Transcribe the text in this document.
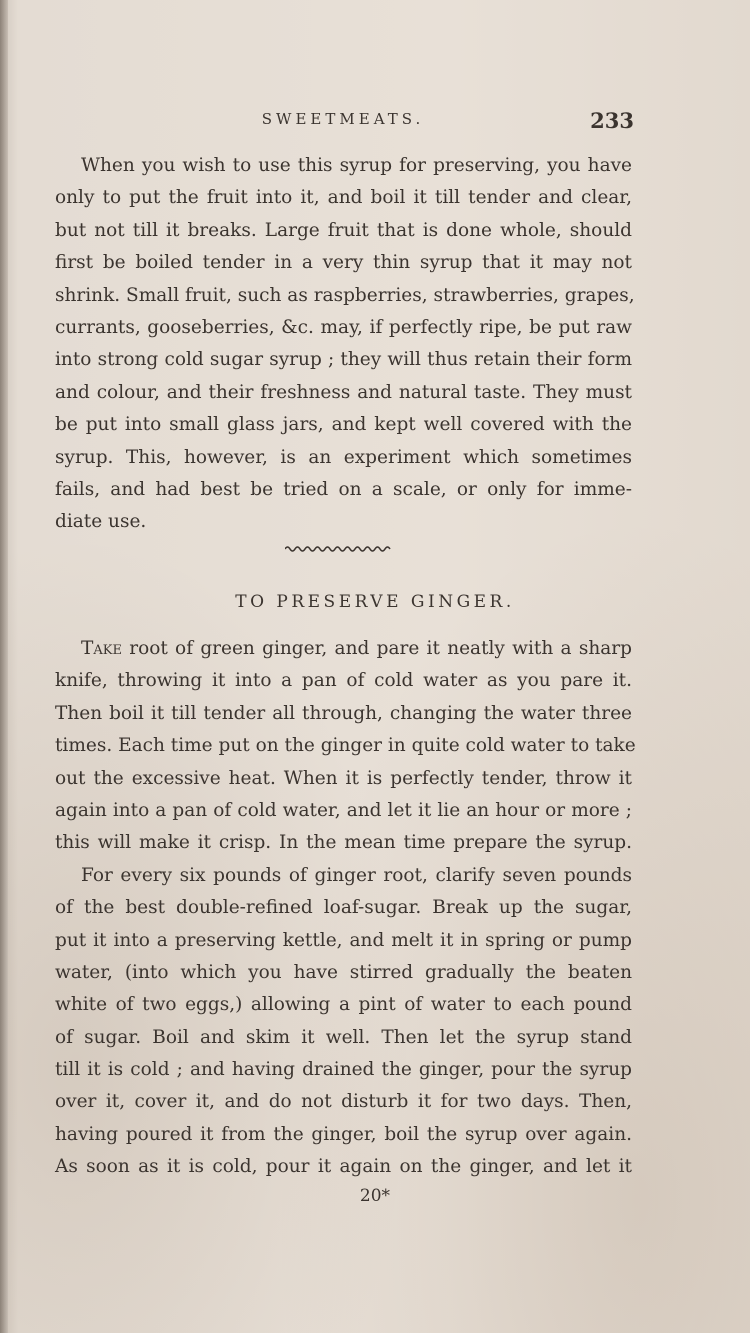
SWEETMEATS.	233
When you wish to use this syrup for preserving, you have
only to put the fruit into it, and boil it till tender and clear,
but not till it breaks. Large fruit that is done whole, should
first be boiled tender in a very thin syrup that it may not
shrink. Small fruit, such as raspberries, strawberries, grapes,
currants, gooseberries, &c. may, if perfectly ripe, be put raw
into strong cold sugar syrup ; they will thus retain their form
and colour, and their freshness and natural taste. They must
be put into small glass jars, and kept well covered with the
syrup. This, however, is an experiment which sometimes
fails, and had best be tried on a scale, or only for imme-
diate use.
TO PRESERVE GINGER.
Take root of green ginger, and pare it neatly with a sharp
knife, throwing it into a pan of cold water as you pare it.
Then boil it till tender all through, changing the water three
times. Each time put on the ginger in quite cold water to take
out the excessive heat. When it is perfectly tender, throw it
again into a pan of cold water, and let it lie an hour or more ;
this will make it crisp. In the mean time prepare the syrup.
For every six pounds of ginger root, clarify seven pounds
of the best double-refined loaf-sugar. Break up the sugar,
put it into a preserving kettle, and melt it in spring or pump
water, (into which you have stirred gradually the beaten
white of two eggs,) allowing a pint of water to each pound
of sugar. Boil and skim it well. Then let the syrup stand
till it is cold ; and having drained the ginger, pour the syrup
over it, cover it, and do not disturb it for two days. Then,
having poured it from the ginger, boil the syrup over again.
As soon as it is cold, pour it again on the ginger, and let it
20*
